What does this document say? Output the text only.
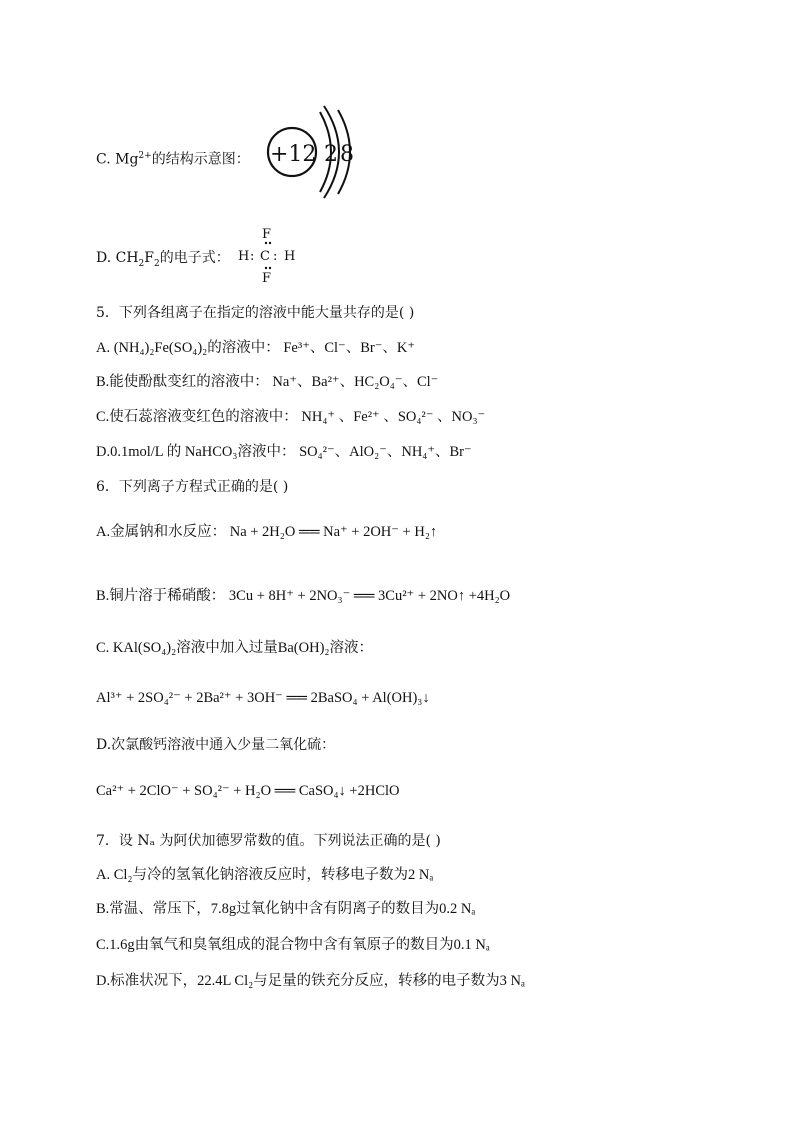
C. $Mg^{2+}$的结构示意图： +12 2 8
D. $CH_2F_2$的电子式：
F
H : C : H
F
5．下列各组离子在指定的溶液中能大量共存的是( )
A. (NH₄)₂Fe(SO₄)₂的溶液中： Fe³⁺、Cl⁻、Br⁻、K⁺
B.能使酚酞变红的溶液中： Na⁺、Ba²⁺、HC₂O₄⁻、Cl⁻
C.使石蕊溶液变红色的溶液中： NH₄⁺ 、Fe²⁺ 、SO₄²⁻ 、NO₃⁻
D.0.1mol/L 的 NaHCO₃溶液中： SO₄²⁻、AlO₂⁻、NH₄⁺、Br⁻
6．下列离子方程式正确的是( )
A.金属钠和水反应： Na + 2H₂O ══ Na⁺ + 2OH⁻ + H₂↑
B.铜片溶于稀硝酸： 3Cu + 8H⁺ + 2NO₃⁻ ══ 3Cu²⁺ + 2NO↑ +4H₂O
C. KAl(SO₄)₂溶液中加入过量Ba(OH)₂溶液：
Al³⁺ + 2SO₄²⁻ + 2Ba²⁺ + 3OH⁻ ══ 2BaSO₄ + Al(OH)₃↓
D.次氯酸钙溶液中通入少量二氧化硫：
Ca²⁺ + 2ClO⁻ + SO₄²⁻ + H₂O ══ CaSO₄↓ +2HClO
7．设 Nₐ 为阿伏加德罗常数的值。下列说法正确的是( )
A. Cl₂与冷的氢氧化钠溶液反应时，转移电子数为2 Nₐ
B.常温、常压下，7.8g过氧化钠中含有阴离子的数目为0.2 Nₐ
C.1.6g由氧气和臭氧组成的混合物中含有氧原子的数目为0.1 Nₐ
D.标准状况下，22.4L Cl₂与足量的铁充分反应，转移的电子数为3 Nₐ
